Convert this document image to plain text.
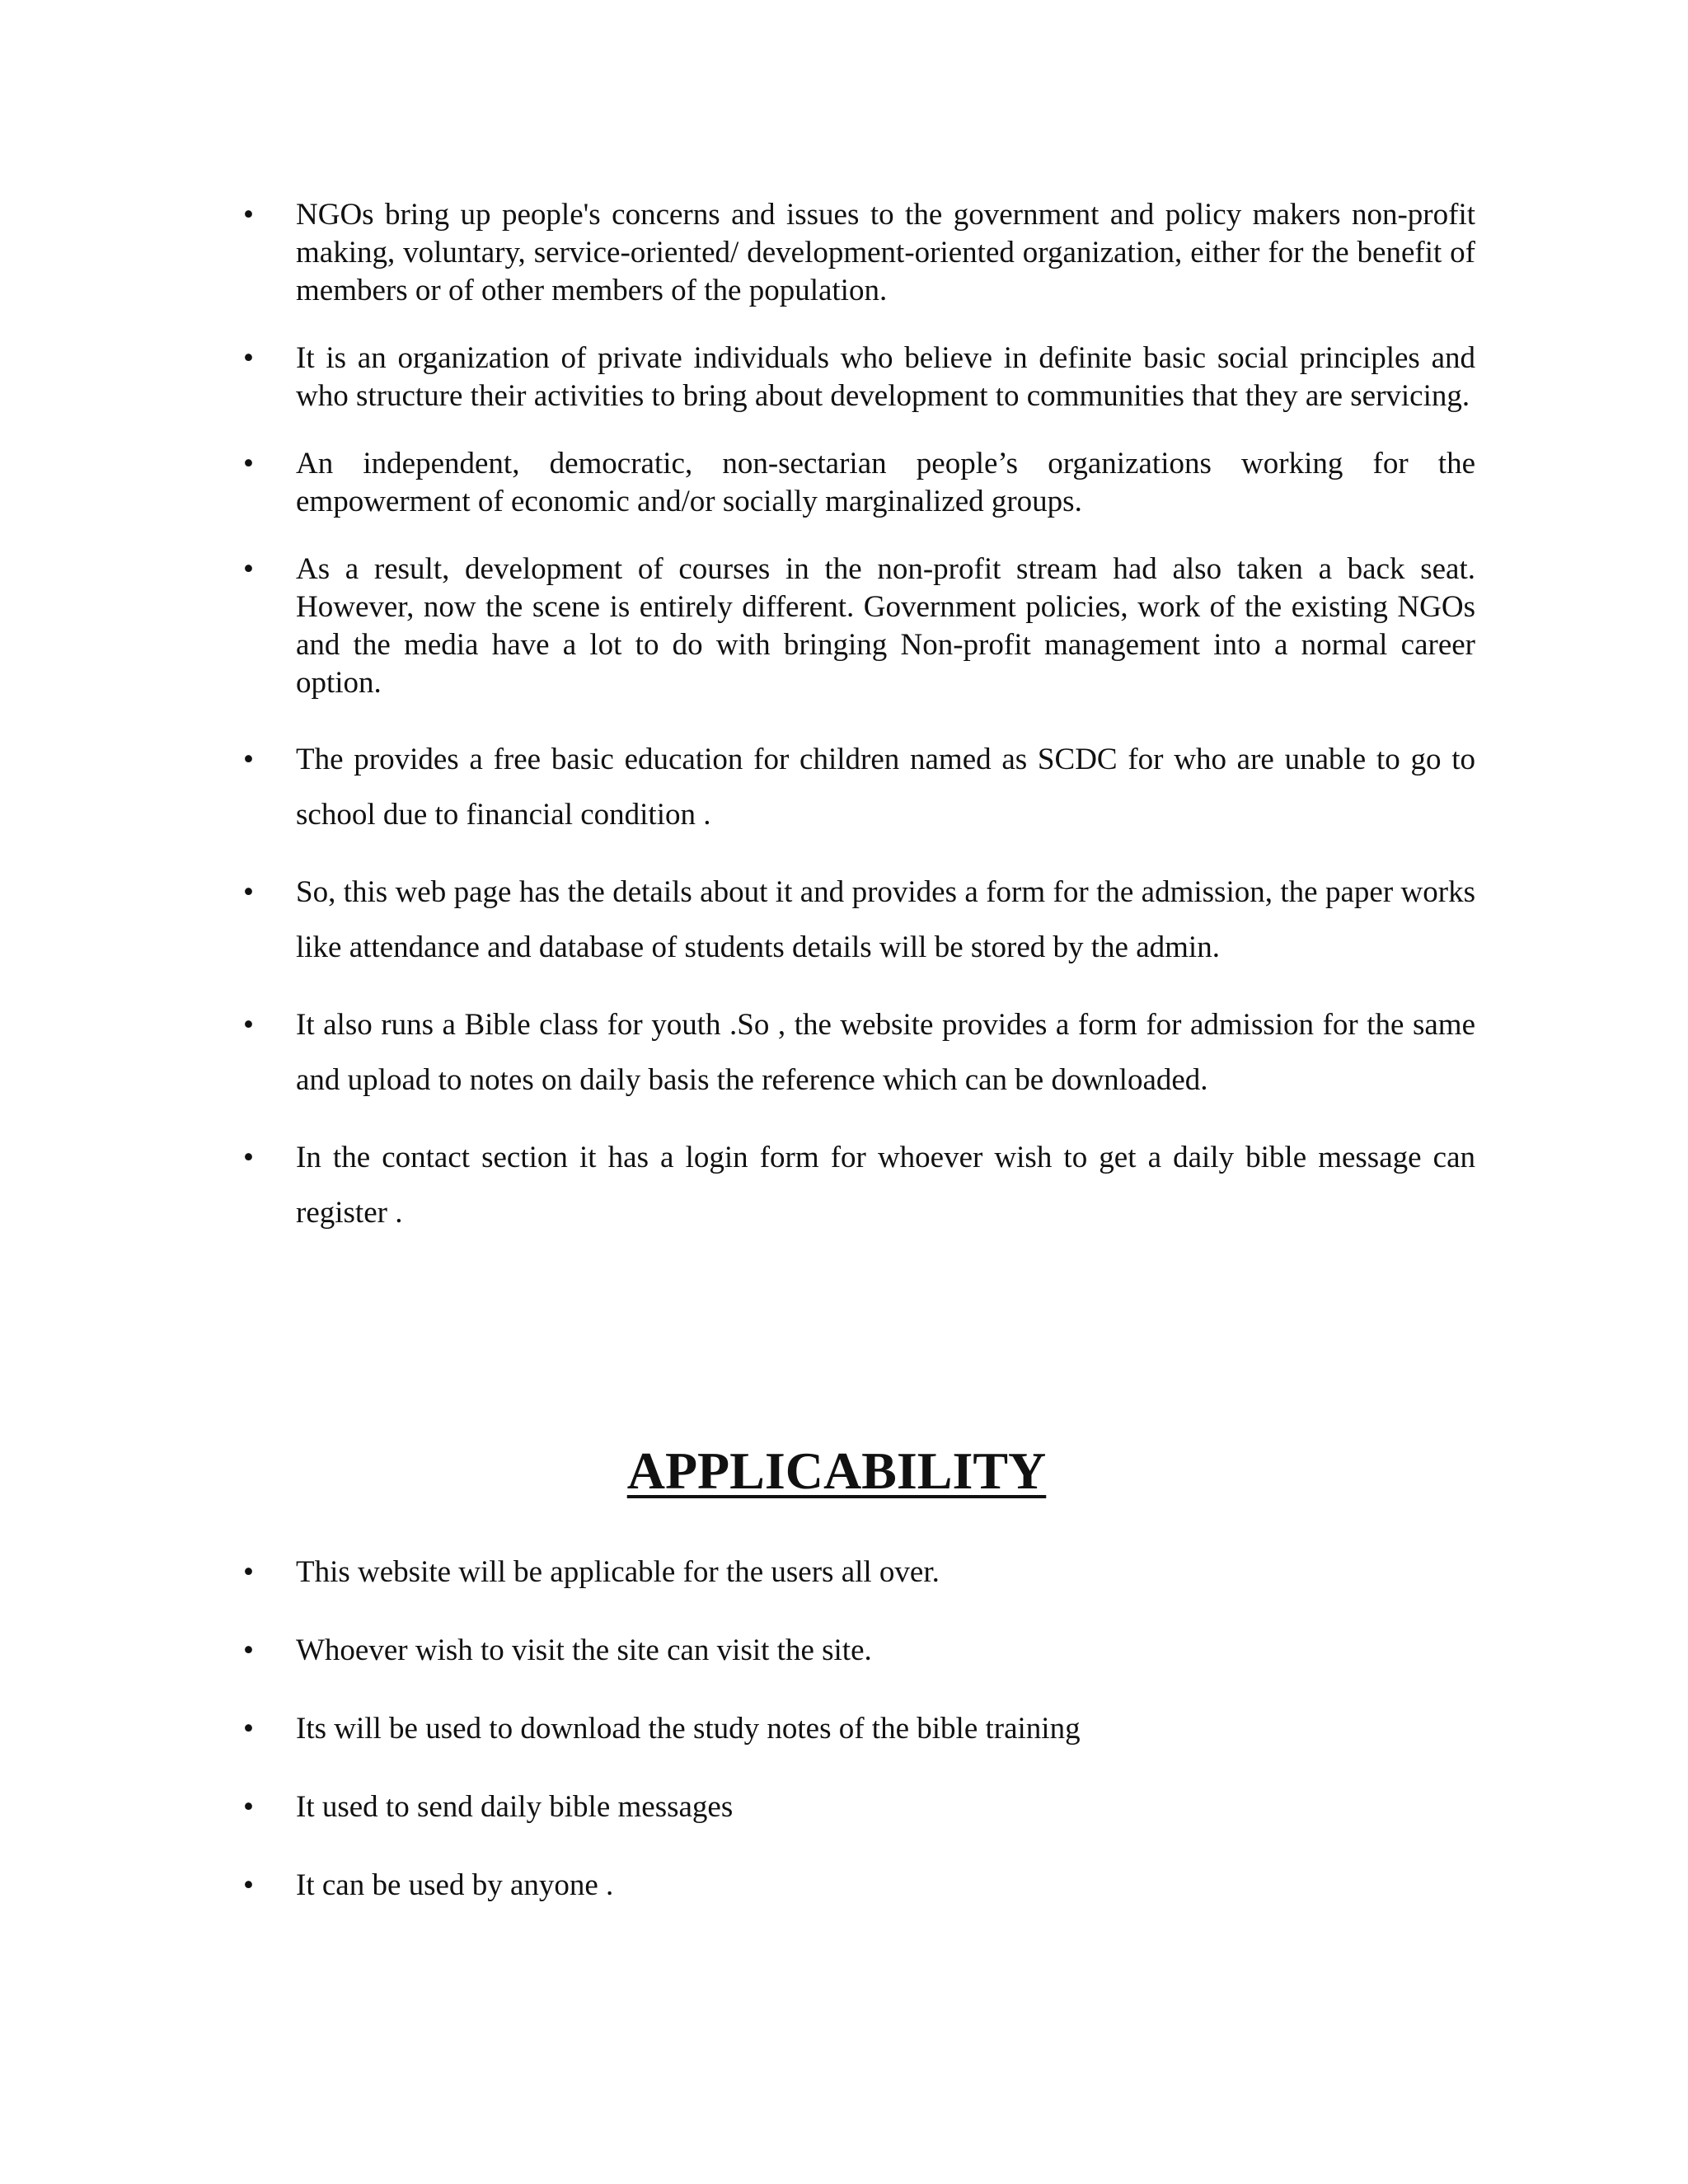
•	NGOs bring up people's concerns and issues to the government and policy makers non-profit making, voluntary, service-oriented/ development-oriented organization, either for the benefit of members or of other members of the population.
•	It is an organization of private individuals who believe in definite basic social principles and who structure their activities to bring about development to communities that they are servicing.
•	An independent, democratic, non-sectarian people’s organizations working for the empowerment of economic and/or socially marginalized groups.
•	As a result, development of courses in the non-profit stream had also taken a back seat. However, now the scene is entirely different. Government policies, work of the existing NGOs and the media have a lot to do with bringing Non-profit management into a normal career option.
•	The provides a free basic education for children named as SCDC for who are unable to go to school due to financial condition .
•	So, this web page has the details about it and provides a form for the admission, the paper works like attendance and database of students details will be stored by the admin.
•	It also runs a Bible class for youth .So , the website provides a form for admission for the same and upload to notes on daily basis the reference which can be downloaded.
•	In the contact section it has a login form for whoever wish to get a daily bible message can register .
APPLICABILITY
•	This website will be applicable for the users all over.
•	Whoever wish to visit the site can visit the site.
•	Its will be used to download the study notes of the bible training
•	It used to send daily bible messages
•	It can be used by anyone .
